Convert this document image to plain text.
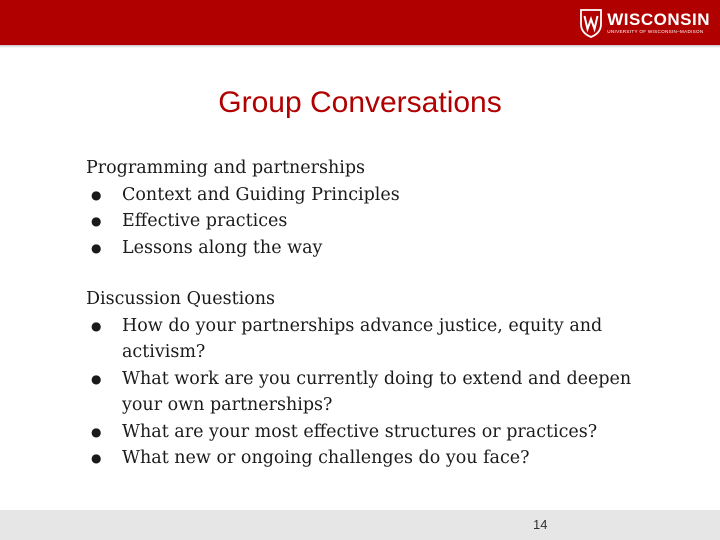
WISCONSIN
UNIVERSITY OF WISCONSIN–MADISON
Group Conversations

Programming and partnerships

● Context and Guiding Principles
● Effective practices
● Lessons along the way

Discussion Questions

● How do your partnerships advance justice, equity and activism?
● What work are you currently doing to extend and deepen your own partnerships?
● What are your most effective structures or practices?
● What new or ongoing challenges do you face?
14
